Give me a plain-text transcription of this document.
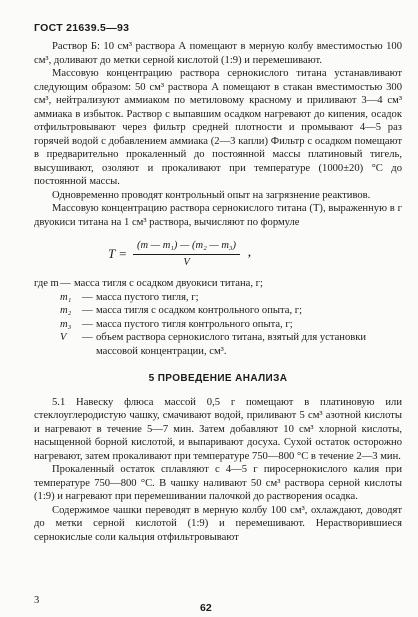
ГОСТ 21639.5—93

Раствор Б: 10 см³ раствора А помещают в мерную колбу вместимостью 100 см³, доливают до метки серной кислотой (1:9) и перемешивают.

Массовую концентрацию раствора сернокислого титана устанавливают следующим образом: 50 см³ раствора А помещают в стакан вместимостью 300 см³, нейтрализуют аммиаком по метиловому красному и приливают 3—4 см³ аммиака в избыток. Раствор с выпавшим осадком нагревают до кипения, осадок отфильтровывают через фильтр средней плотности и промывают 4—5 раз горячей водой с добавлением аммиака (2—3 капли) Фильтр с осадком помещают в предварительно прокаленный до постоянной массы платиновый тигель, высушивают, озоляют и прокаливают при температуре (1000±20) °С до постоянной массы.

Одновременно проводят контрольный опыт на загрязнение реактивов.

Массовую концентрацию раствора сернокислого титана (Т), выраженную в г двуокиси титана на 1 см³ раствора, вычисляют по формуле

$T = \frac{\text{(m — m₁) — (m₂ — m₃)}}{V}$ ,
где m — масса тигля с осадком двуокиси титана, г;
m₁	— масса пустого тигля, г;
m₂	— масса тигля с осадком контрольного опыта, г;
m₃	— масса пустого тигля контрольного опыта, г;
V	— объем раствора сернокислого титана, взятый для установки массовой концентрации, см³.
5 ПРОВЕДЕНИЕ АНАЛИЗА

5.1 Навеску флюса массой 0,5 г помещают в платиновую или стеклоуглеродистую чашку, смачивают водой, приливают 5 см³ азотной кислоты и нагревают в течение 5—7 мин. Затем добавляют 10 см³ хлорной кислоты, насыщенной борной кислотой, и выпаривают досуха. Сухой остаток осторожно нагревают, затем прокаливают при температуре 750—800 °С в течение 2—3 мин.

Прокаленный остаток сплавляют с 4—5 г пиросернокислого калия при температуре 750—800 °С. В чашку наливают 50 см³ раствора серной кислоты (1:9) и нагревают при перемешивании палочкой до растворения осадка.

Содержимое чашки переводят в мерную колбу 100 см³, охлаждают, доводят до метки серной кислотой (1:9) и перемешивают. Нерастворившиеся сернокислые соли кальция отфильтровывают

3
62
